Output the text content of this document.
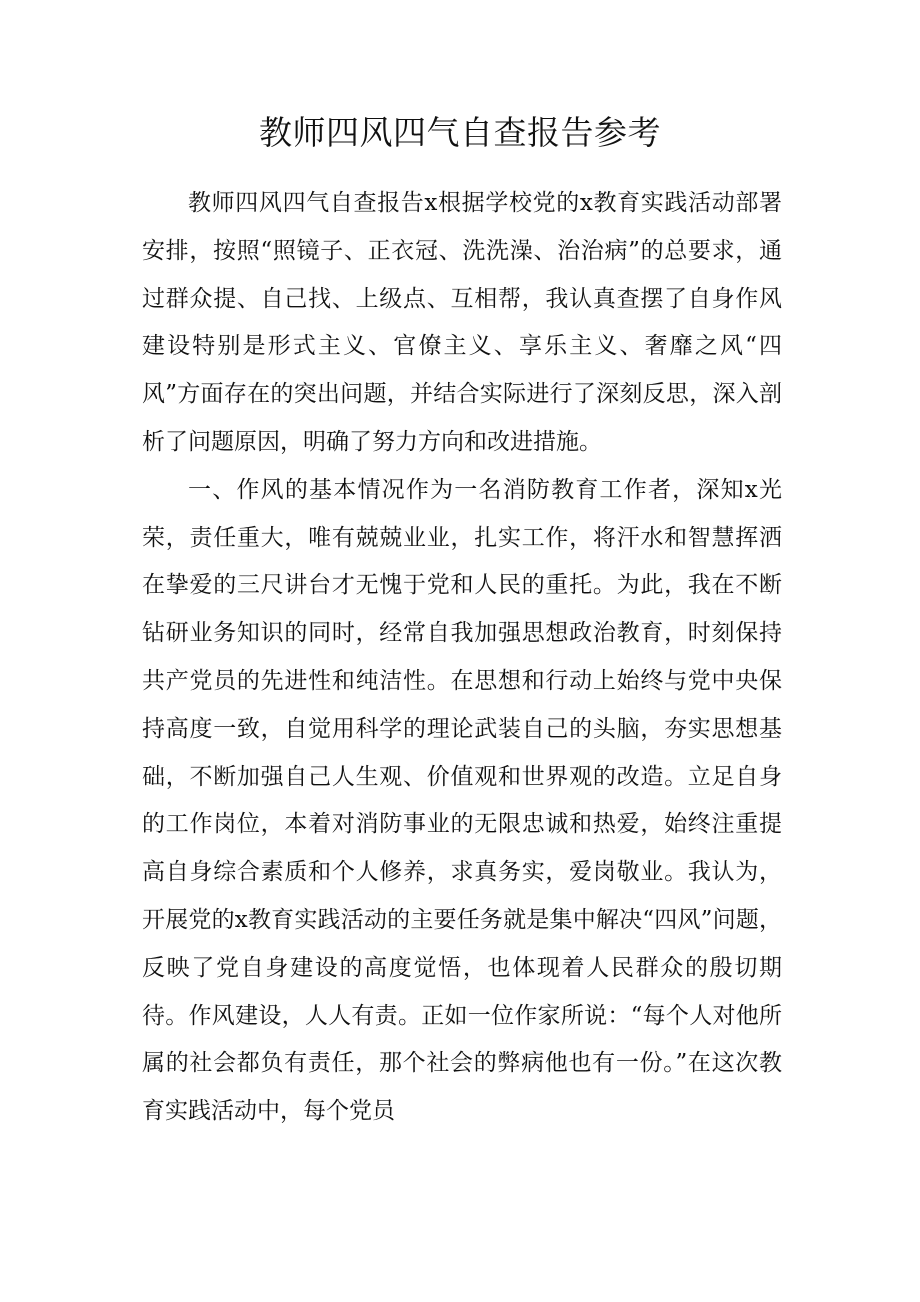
教师四风四气自查报告参考

教师四风四气自查报告x根据学校党的x教育实践活动部署安排，按照“照镜子、正衣冠、洗洗澡、治治病”的总要求，通过群众提、自己找、上级点、互相帮，我认真查摆了自身作风建设特别是形式主义、官僚主义、享乐主义、奢靡之风“四风”方面存在的突出问题，并结合实际进行了深刻反思，深入剖析了问题原因，明确了努力方向和改进措施。

一、作风的基本情况作为一名消防教育工作者，深知x光荣，责任重大，唯有兢兢业业，扎实工作，将汗水和智慧挥洒在挚爱的三尺讲台才无愧于党和人民的重托。为此，我在不断钻研业务知识的同时，经常自我加强思想政治教育，时刻保持共产党员的先进性和纯洁性。在思想和行动上始终与党中央保持高度一致，自觉用科学的理论武装自己的头脑，夯实思想基础，不断加强自己人生观、价值观和世界观的改造。立足自身的工作岗位，本着对消防事业的无限忠诚和热爱，始终注重提高自身综合素质和个人修养，求真务实，爱岗敬业。我认为，开展党的x教育实践活动的主要任务就是集中解决“四风”问题，反映了党自身建设的高度觉悟，也体现着人民群众的殷切期待。作风建设，人人有责。正如一位作家所说：“每个人对他所属的社会都负有责任，那个社会的弊病他也有一份。”在这次教育实践活动中，每个党员
